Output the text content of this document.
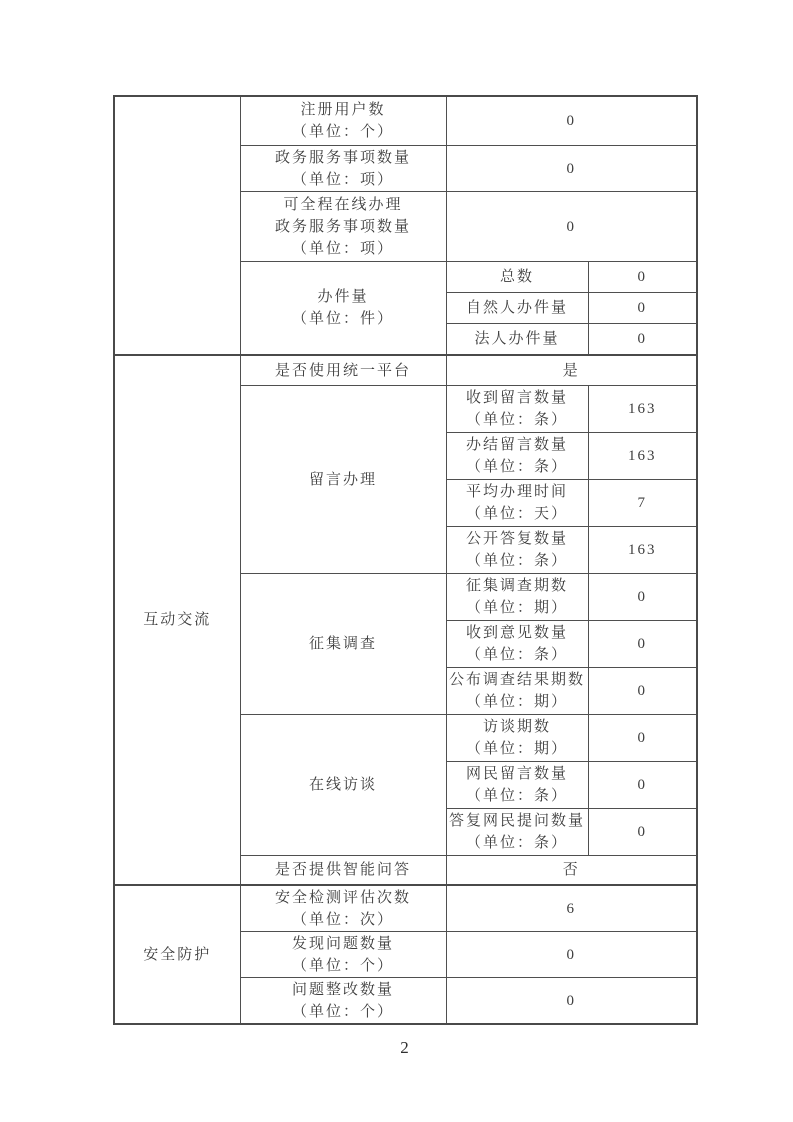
	注册用户数
（单位：个）	0	

	政务服务事项数量
（单位：项）	0	

	可全程在线办理
政务服务事项数量
（单位：项）	0	

	办件量
（单位：件）	总数	0
		自然人办件量	0
		法人办件量	0
互动交流	是否使用统一平台	是	
	留言办理	收到留言数量
（单位：条）	163

		办结留言数量
（单位：条）	163

		平均办理时间
（单位：天）	7

		公开答复数量
（单位：条）	163
	征集调查	征集调查期数
（单位：期）	0

		收到意见数量
（单位：条）	0

		公布调查结果期数
（单位：期）	0
	在线访谈	访谈期数
（单位：期）	0

		网民留言数量
（单位：条）	0

		答复网民提问数量
（单位：条）	0
	是否提供智能问答	否	
安全防护	安全检测评估次数
（单位：次）	6	

	发现问题数量
（单位：个）	0	

	问题整改数量
（单位：个）	0	
2
